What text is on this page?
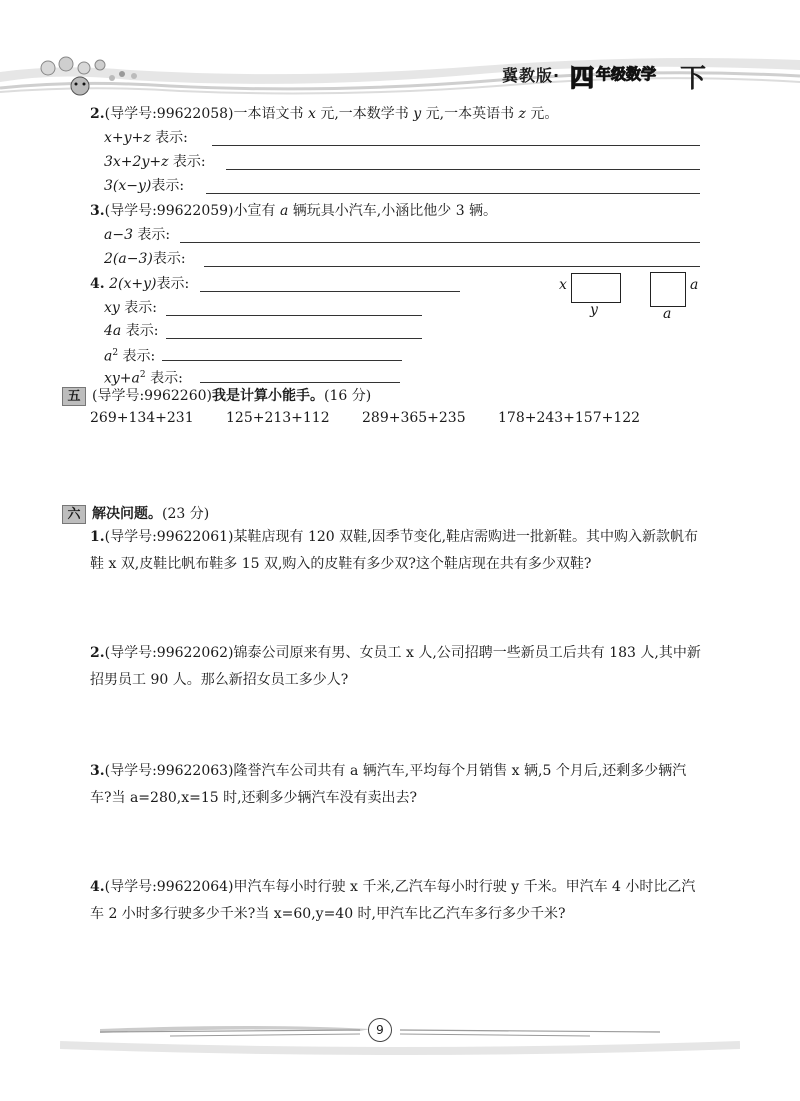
冀教版· 四 年级数学 下
2.(导学号:99622058)一本语文书 x 元,一本数学书 y 元,一本英语书 z 元。
x+y+z 表示:
3x+2y+z 表示:
3(x−y)表示:
3.(导学号:99622059)小宣有 a 辆玩具小汽车,小涵比他少 3 辆。
a−3 表示:
2(a−3)表示:
4. 2(x+y)表示:
xy 表示:
4a 表示:
$a^2$ 表示:
$xy+a^2$ 表示:
x
y
a
a
五 (导学号:9962260)我是计算小能手。(16 分)
269+134+231 125+213+112 289+365+235 178+243+157+122
六 解决问题。(23 分)
1.(导学号:99622061)某鞋店现有 120 双鞋,因季节变化,鞋店需购进一批新鞋。其中购入新款帆布鞋 x 双,皮鞋比帆布鞋多 15 双,购入的皮鞋有多少双?这个鞋店现在共有多少双鞋?
2.(导学号:99622062)锦泰公司原来有男、女员工 x 人,公司招聘一些新员工后共有 183 人,其中新招男员工 90 人。那么新招女员工多少人?
3.(导学号:99622063)隆誉汽车公司共有 a 辆汽车,平均每个月销售 x 辆,5 个月后,还剩多少辆汽车?当 a=280,x=15 时,还剩多少辆汽车没有卖出去?
4.(导学号:99622064)甲汽车每小时行驶 x 千米,乙汽车每小时行驶 y 千米。甲汽车 4 小时比乙汽车 2 小时多行驶多少千米?当 x=60,y=40 时,甲汽车比乙汽车多行多少千米?
9
